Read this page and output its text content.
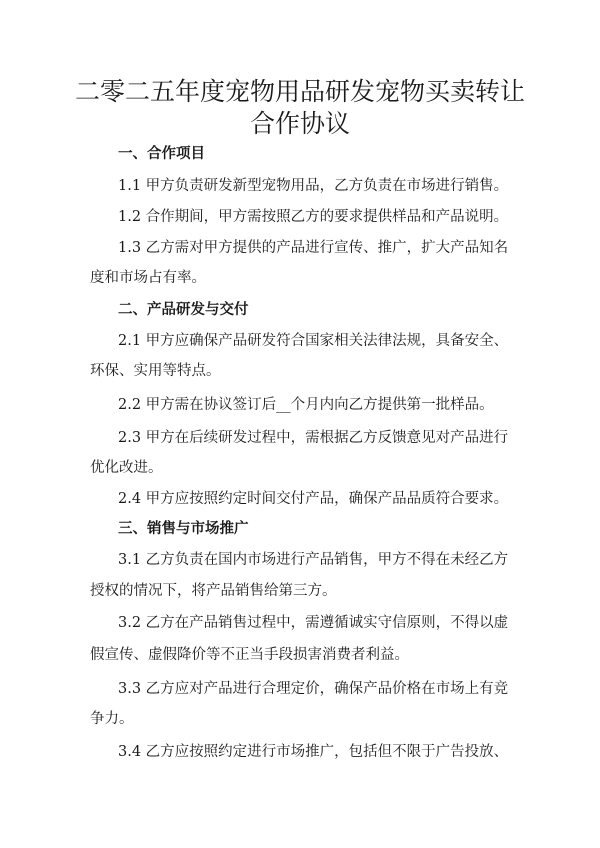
二零二五年度宠物用品研发宠物买卖转让
合作协议
一、合作项目
1.1 甲方负责研发新型宠物用品，乙方负责在市场进行销售。
1.2 合作期间，甲方需按照乙方的要求提供样品和产品说明。
1.3 乙方需对甲方提供的产品进行宣传、推广，扩大产品知名
度和市场占有率。
二、产品研发与交付
2.1 甲方应确保产品研发符合国家相关法律法规，具备安全、
环保、实用等特点。
2.2 甲方需在协议签订后__个月内向乙方提供第一批样品。
2.3 甲方在后续研发过程中，需根据乙方反馈意见对产品进行
优化改进。
2.4 甲方应按照约定时间交付产品，确保产品品质符合要求。
三、销售与市场推广
3.1 乙方负责在国内市场进行产品销售，甲方不得在未经乙方
授权的情况下，将产品销售给第三方。
3.2 乙方在产品销售过程中，需遵循诚实守信原则，不得以虚
假宣传、虚假降价等不正当手段损害消费者利益。
3.3 乙方应对产品进行合理定价，确保产品价格在市场上有竞
争力。
3.4 乙方应按照约定进行市场推广，包括但不限于广告投放、
